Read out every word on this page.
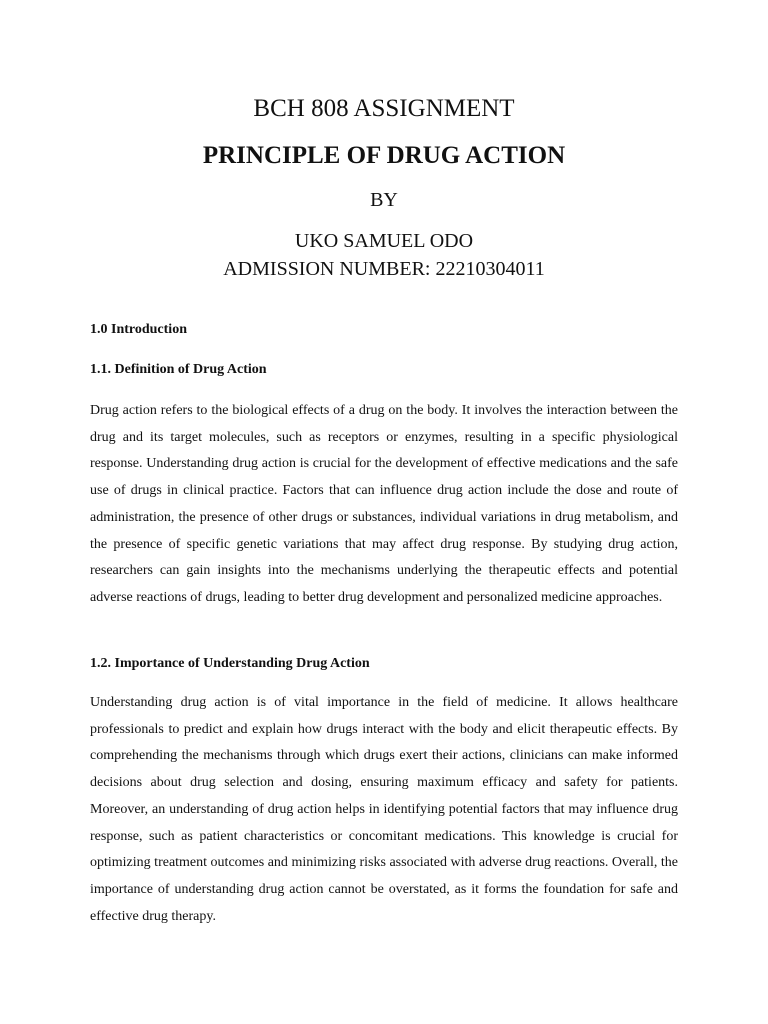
BCH 808 ASSIGNMENT
PRINCIPLE OF DRUG ACTION
BY
UKO SAMUEL ODO
ADMISSION NUMBER: 22210304011
1.0 Introduction
1.1. Definition of Drug Action

Drug action refers to the biological effects of a drug on the body. It involves the interaction between the drug and its target molecules, such as receptors or enzymes, resulting in a specific physiological response. Understanding drug action is crucial for the development of effective medications and the safe use of drugs in clinical practice. Factors that can influence drug action include the dose and route of administration, the presence of other drugs or substances, individual variations in drug metabolism, and the presence of specific genetic variations that may affect drug response. By studying drug action, researchers can gain insights into the mechanisms underlying the therapeutic effects and potential adverse reactions of drugs, leading to better drug development and personalized medicine approaches.

1.2. Importance of Understanding Drug Action

Understanding drug action is of vital importance in the field of medicine. It allows healthcare professionals to predict and explain how drugs interact with the body and elicit therapeutic effects. By comprehending the mechanisms through which drugs exert their actions, clinicians can make informed decisions about drug selection and dosing, ensuring maximum efficacy and safety for patients. Moreover, an understanding of drug action helps in identifying potential factors that may influence drug response, such as patient characteristics or concomitant medications. This knowledge is crucial for optimizing treatment outcomes and minimizing risks associated with adverse drug reactions. Overall, the importance of understanding drug action cannot be overstated, as it forms the foundation for safe and effective drug therapy.
